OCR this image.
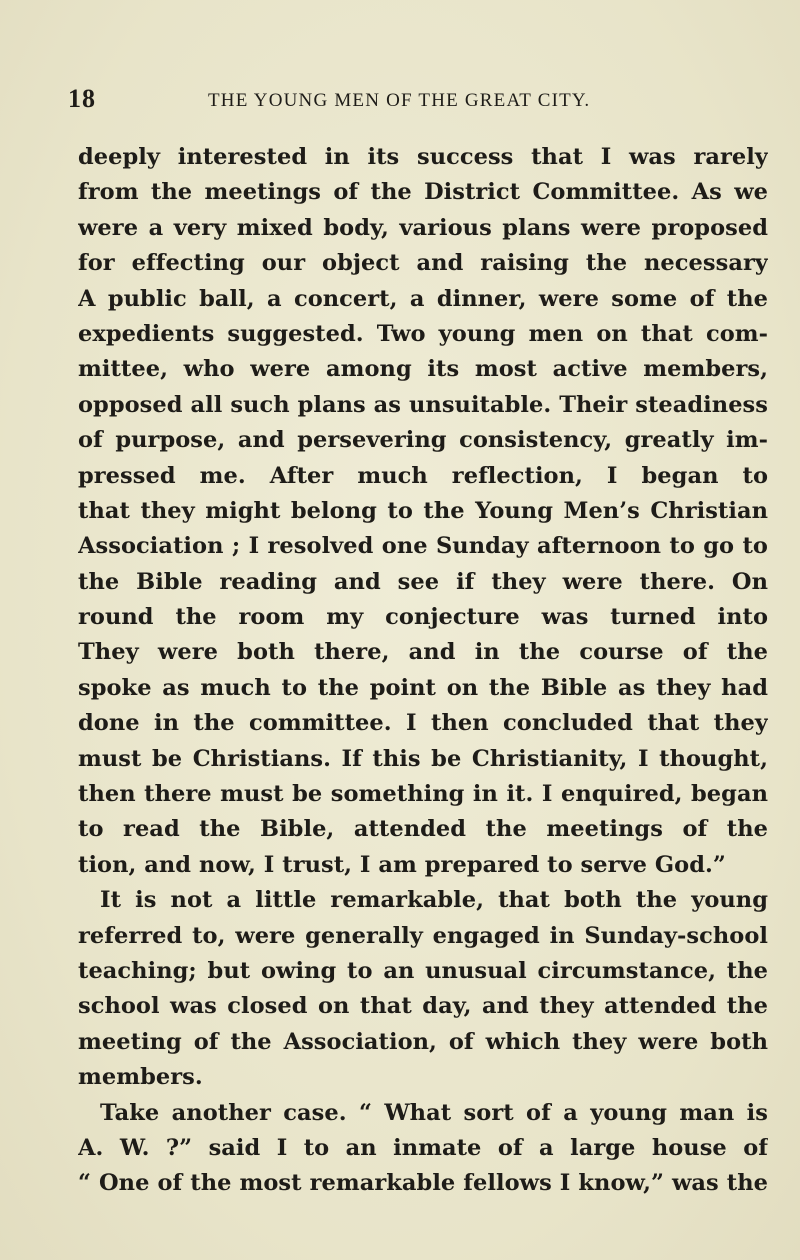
18	THE YOUNG MEN OF THE GREAT CITY.
deeply interested in its success that I was rarely
from the meetings of the District Committee. As we
were a very mixed body, various plans were proposed
for effecting our object and raising the necessary
A public ball, a concert, a dinner, were some of the
expedients suggested. Two young men on that com-
mittee, who were among its most active members,
opposed all such plans as unsuitable. Their steadiness
of purpose, and persevering consistency, greatly im-
pressed me. After much reflection, I began to
that they might belong to the Young Men’s Christian
Association ; I resolved one Sunday afternoon to go to
the Bible reading and see if they were there. On
round the room my conjecture was turned into
They were both there, and in the course of the
spoke as much to the point on the Bible as they had
done in the committee. I then concluded that they
must be Christians. If this be Christianity, I thought,
then there must be something in it. I enquired, began
to read the Bible, attended the meetings of the
tion, and now, I trust, I am prepared to serve God.”
It is not a little remarkable, that both the young
referred to, were generally engaged in Sunday-school
teaching; but owing to an unusual circumstance, the
school was closed on that day, and they attended the
meeting of the Association, of which they were both
members.
Take another case. “ What sort of a young man is
A. W. ?” said I to an inmate of a large house of
“ One of the most remarkable fellows I know,” was the
